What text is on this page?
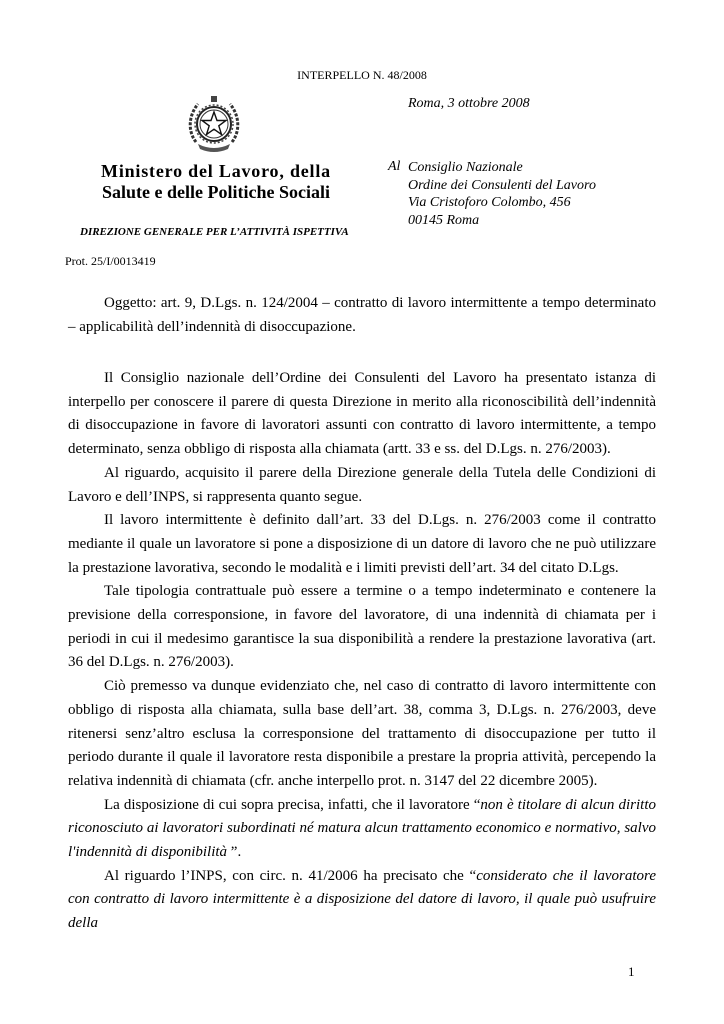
INTERPELLO N. 48/2008
Roma, 3 ottobre 2008
Ministero del Lavoro, della
Salute e delle Politiche Sociali
DIREZIONE GENERALE PER L’ATTIVITÀ ISPETTIVA
Al Consiglio Nazionale
Ordine dei Consulenti del Lavoro
Via Cristoforo Colombo, 456
00145 Roma
Prot. 25/I/0013419

Oggetto: art. 9, D.Lgs. n. 124/2004 – contratto di lavoro intermittente a tempo determinato – applicabilità dell’indennità di disoccupazione.

Il Consiglio nazionale dell’Ordine dei Consulenti del Lavoro ha presentato istanza di interpello per conoscere il parere di questa Direzione in merito alla riconoscibilità dell’indennità di disoccupazione in favore di lavoratori assunti con contratto di lavoro intermittente, a tempo determinato, senza obbligo di risposta alla chiamata (artt. 33 e ss. del D.Lgs. n. 276/2003).

Al riguardo, acquisito il parere della Direzione generale della Tutela delle Condizioni di Lavoro e dell’INPS, si rappresenta quanto segue.

Il lavoro intermittente è definito dall’art. 33 del D.Lgs. n. 276/2003 come il contratto mediante il quale un lavoratore si pone a disposizione di un datore di lavoro che ne può utilizzare la prestazione lavorativa, secondo le modalità e i limiti previsti dell’art. 34 del citato D.Lgs.

Tale tipologia contrattuale può essere a termine o a tempo indeterminato e contenere la previsione della corresponsione, in favore del lavoratore, di una indennità di chiamata per i periodi in cui il medesimo garantisce la sua disponibilità a rendere la prestazione lavorativa (art. 36 del D.Lgs. n. 276/2003).

Ciò premesso va dunque evidenziato che, nel caso di contratto di lavoro intermittente con obbligo di risposta alla chiamata, sulla base dell’art. 38, comma 3, D.Lgs. n. 276/2003, deve ritenersi senz’altro esclusa la corresponsione del trattamento di disoccupazione per tutto il periodo durante il quale il lavoratore resta disponibile a prestare la propria attività, percependo la relativa indennità di chiamata (cfr. anche interpello prot. n. 3147 del 22 dicembre 2005).

La disposizione di cui sopra precisa, infatti, che il lavoratore “non è titolare di alcun diritto riconosciuto ai lavoratori subordinati né matura alcun trattamento economico e normativo, salvo l'indennità di disponibilità ”.

Al riguardo l’INPS, con circ. n. 41/2006 ha precisato che “considerato che il lavoratore con contratto di lavoro intermittente è a disposizione del datore di lavoro, il quale può usufruire della

1
